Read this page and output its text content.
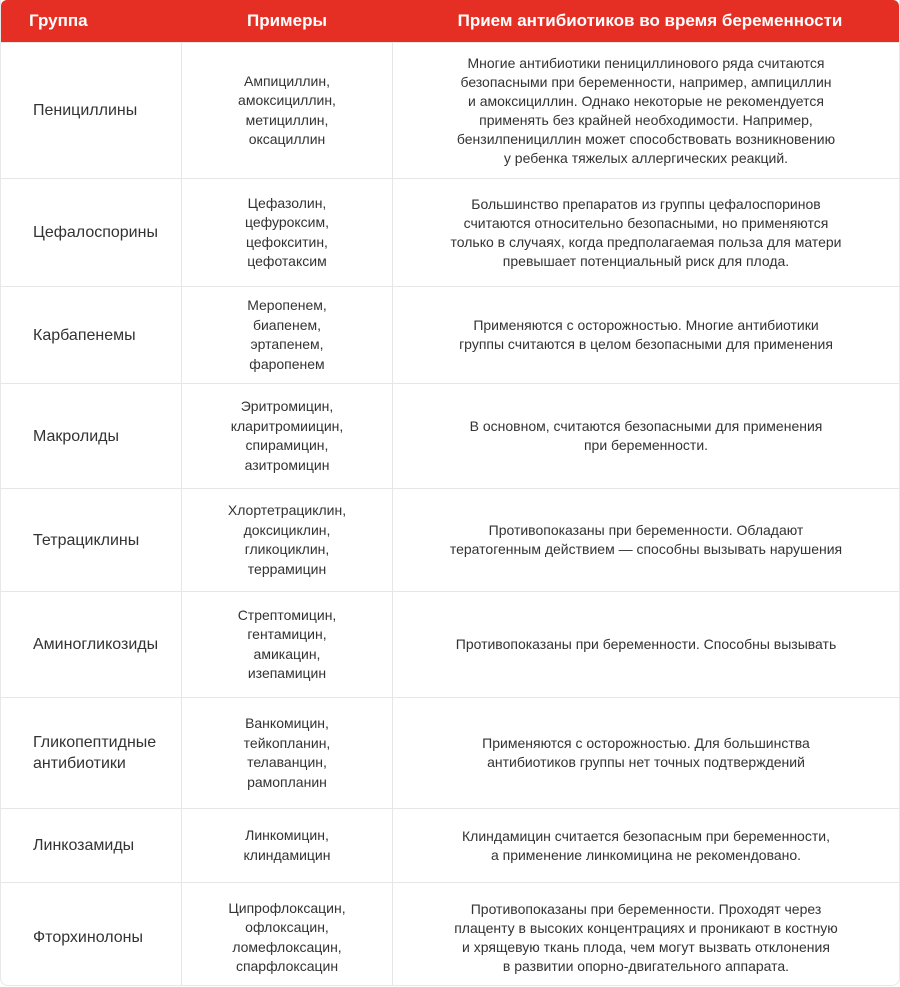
Группа	Примеры	Прием антибиотиков во время беременности
Пенициллины
Ампициллин,
амоксициллин,
метициллин,
оксациллин
Многие антибиотики пенициллинового ряда считаются
безопасными при беременности, например, ампициллин
и амоксициллин. Однако некоторые не рекомендуется
применять без крайней необходимости. Например,
бензилпенициллин может способствовать возникновению
у ребенка тяжелых аллергических реакций.
Цефалоспорины
Цефазолин,
цефуроксим,
цефокситин,
цефотаксим
Большинство препаратов из группы цефалоспоринов
считаются относительно безопасными, но применяются
только в случаях, когда предполагаемая польза для матери
превышает потенциальный риск для плода.
Карбапенемы
Меропенем,
биапенем,
эртапенем,
фаропенем
Применяются с осторожностью. Многие антибиотики
группы считаются в целом безопасными для применения
Макролиды
Эритромицин,
кларитромиицин,
спирамицин,
азитромицин
В основном, считаются безопасными для применения
при беременности.
Тетрациклины
Хлортетрациклин,
доксициклин,
гликоциклин,
террамицин
Противопоказаны при беременности. Обладают
тератогенным действием — способны вызывать нарушения
Аминогликозиды
Стрептомицин,
гентамицин,
амикацин,
изепамицин
Противопоказаны при беременности. Способны вызывать
Гликопептидные
антибиотики
Ванкомицин,
тейкопланин,
телаванцин,
рамопланин
Применяются с осторожностью. Для большинства
антибиотиков группы нет точных подтверждений
Линкозамиды
Линкомицин,
клиндамицин
Клиндамицин считается безопасным при беременности,
а применение линкомицина не рекомендовано.
Фторхинолоны
Ципрофлоксацин,
офлоксацин,
ломефлоксацин,
спарфлоксацин
Противопоказаны при беременности. Проходят через
плаценту в высоких концентрациях и проникают в костную
и хрящевую ткань плода, чем могут вызвать отклонения
в развитии опорно-двигательного аппарата.
